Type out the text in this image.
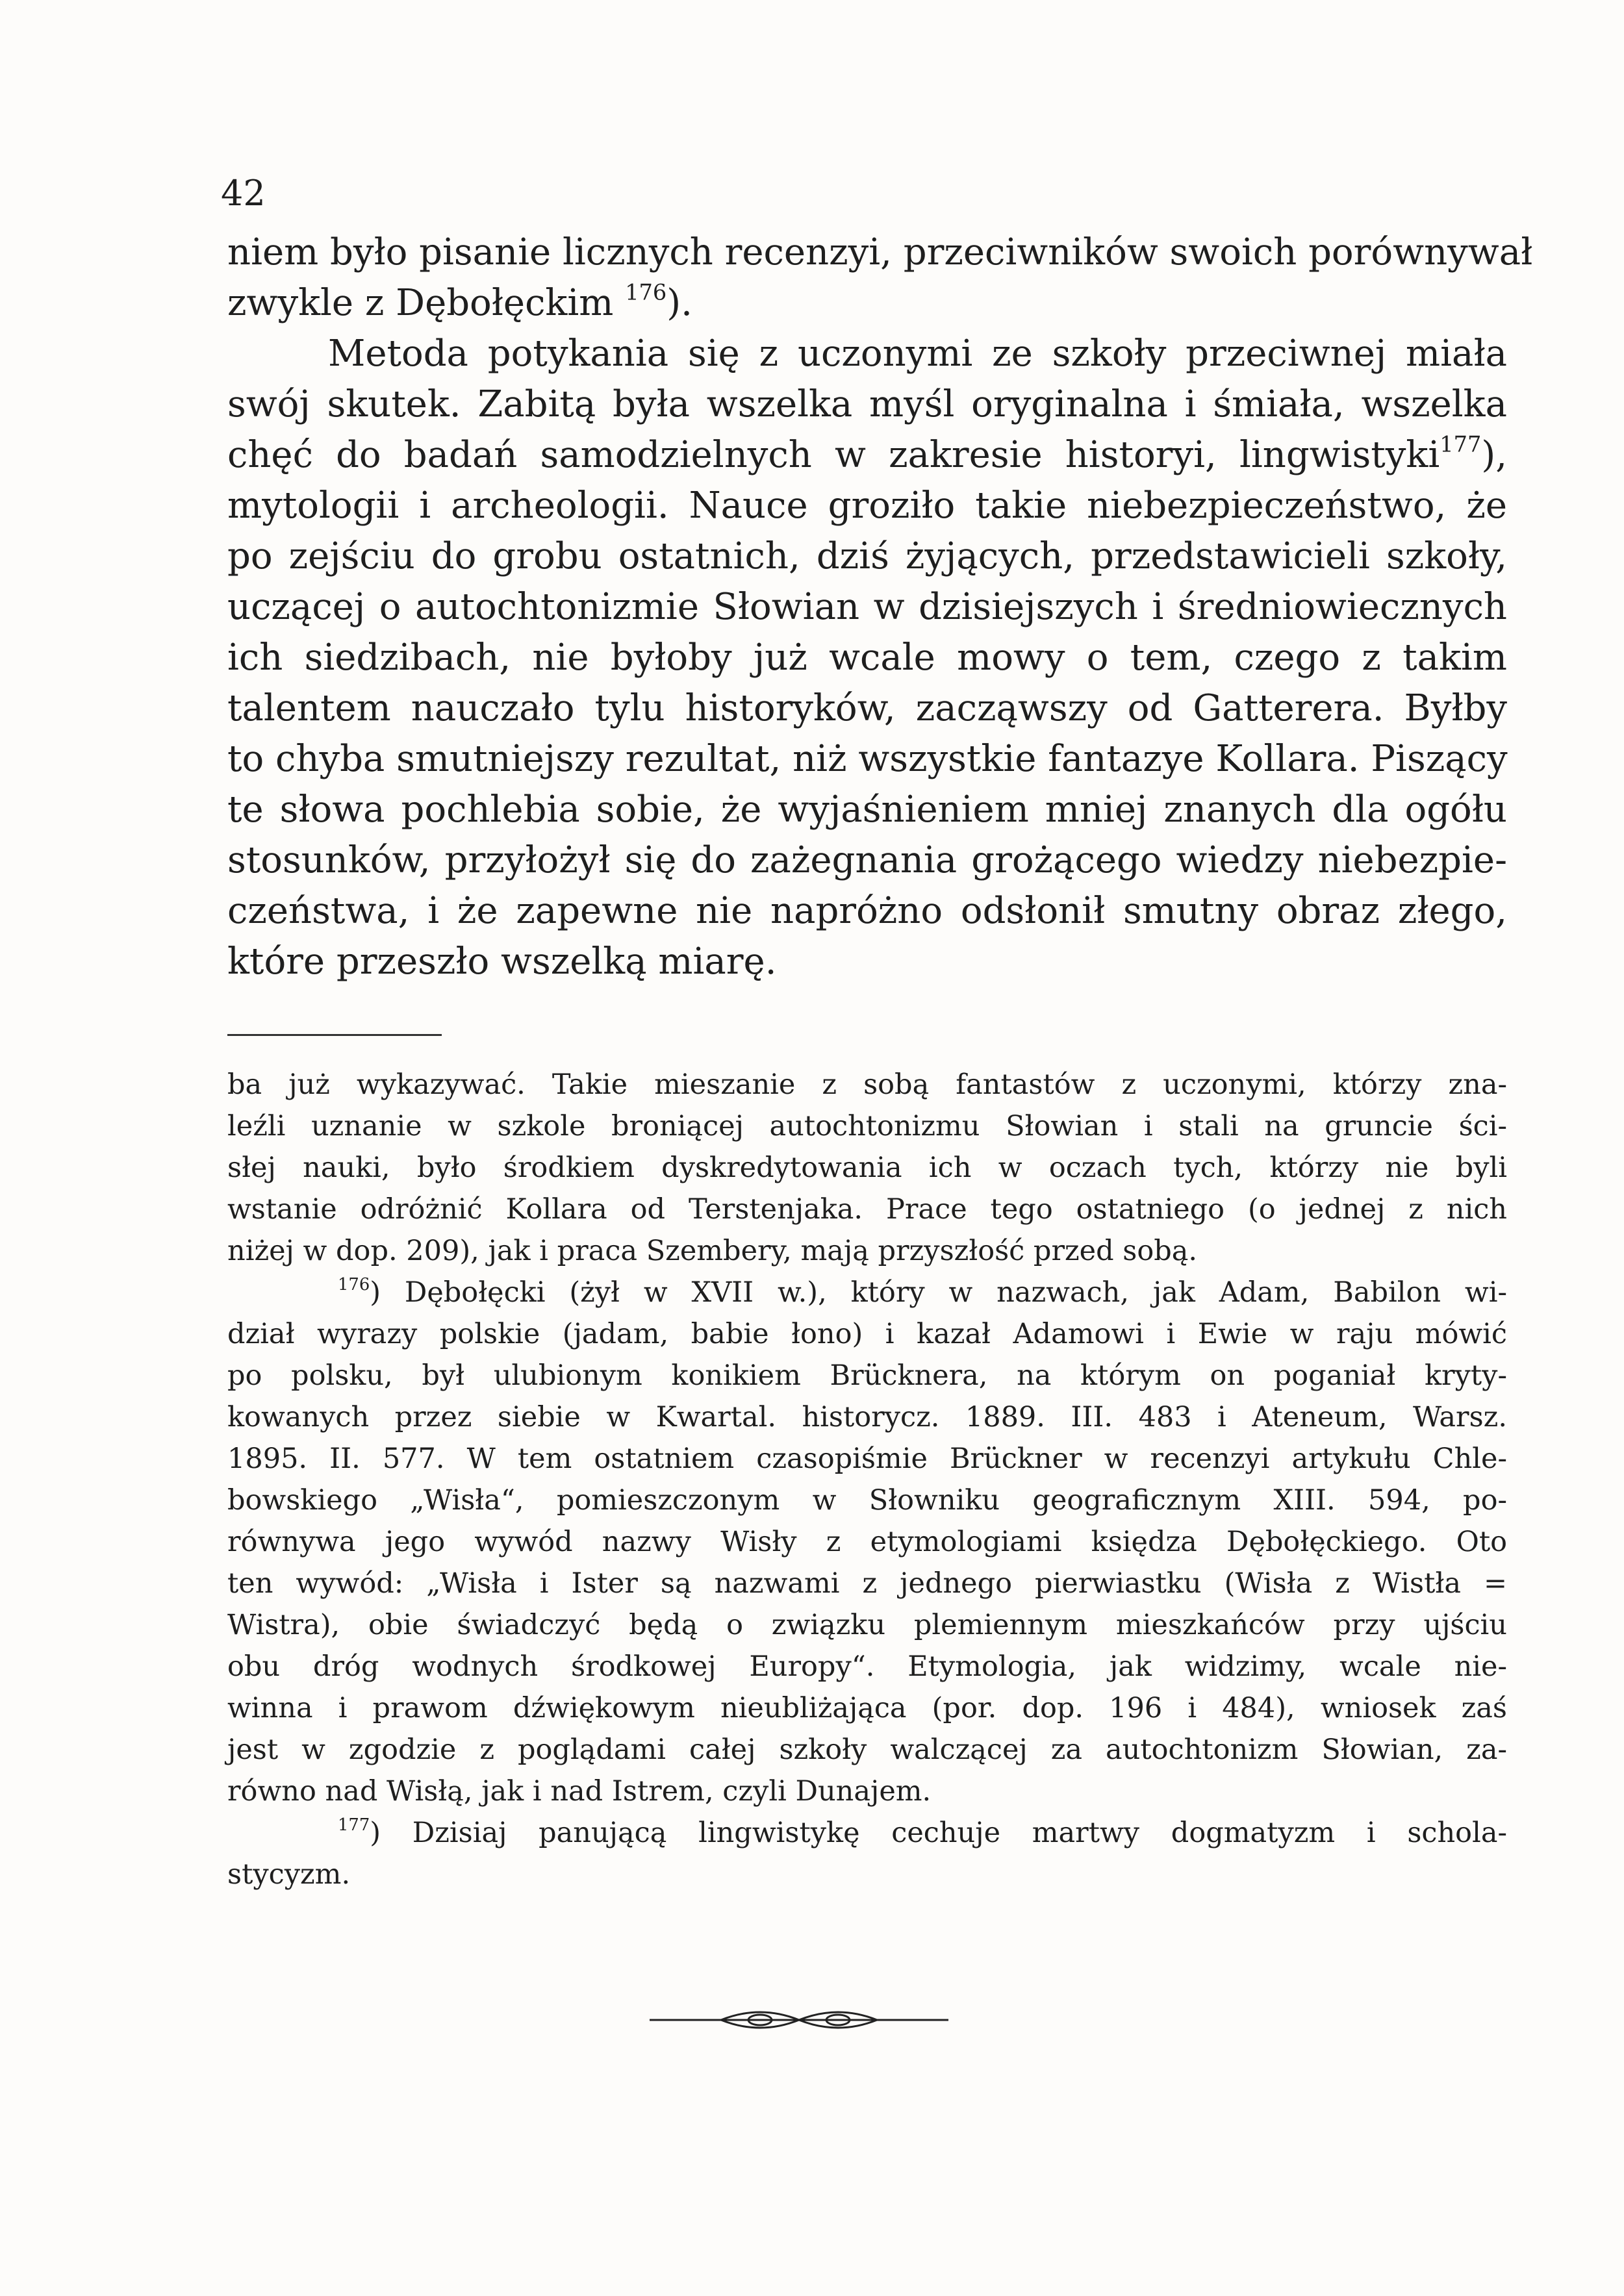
42
niem było pisanie licznych recenzyi, przeciwników swoich porównywał
zwykle z Dębołęckim $^{176}$).
Metoda potykania się z uczonymi ze szkoły przeciwnej miała
swój skutek. Zabitą była wszelka myśl oryginalna i śmiała, wszelka
chęć do badań samodzielnych w zakresie historyi, lingwistyki$^{177}$),
mytologii i archeologii. Nauce groziło takie niebezpieczeństwo, że
po zejściu do grobu ostatnich, dziś żyjących, przedstawicieli szkoły,
uczącej o autochtonizmie Słowian w dzisiejszych i średniowiecznych
ich siedzibach, nie byłoby już wcale mowy o tem, czego z takim
talentem nauczało tylu historyków, zacząwszy od Gatterera. Byłby
to chyba smutniejszy rezultat, niż wszystkie fantazye Kollara. Piszący
te słowa pochlebia sobie, że wyjaśnieniem mniej znanych dla ogółu
stosunków, przyłożył się do zażegnania grożącego wiedzy niebezpie-
czeństwa, i że zapewne nie napróżno odsłonił smutny obraz złego,
które przeszło wszelką miarę.
ba już wykazywać. Takie mieszanie z sobą fantastów z uczonymi, którzy zna-
leźli uznanie w szkole broniącej autochtonizmu Słowian i stali na gruncie ści-
słej nauki, było środkiem dyskredytowania ich w oczach tych, którzy nie byli
wstanie odróżnić Kollara od Terstenjaka. Prace tego ostatniego (o jednej z nich
niżej w dop. 209), jak i praca Szembery, mają przyszłość przed sobą.
$^{176}$) Dębołęcki (żył w XVII w.), który w nazwach, jak Adam, Babilon wi-
dział wyrazy polskie (jadam, babie łono) i kazał Adamowi i Ewie w raju mówić
po polsku, był ulubionym konikiem Brücknera, na którym on poganiał kryty-
kowanych przez siebie w Kwartal. historycz. 1889. III. 483 i Ateneum, Warsz.
1895. II. 577. W tem ostatniem czasopiśmie Brückner w recenzyi artykułu Chle-
bowskiego „Wisła“, pomieszczonym w Słowniku geograficznym XIII. 594, po-
równywa jego wywód nazwy Wisły z etymologiami księdza Dębołęckiego. Oto
ten wywód: „Wisła i Ister są nazwami z jednego pierwiastku (Wisła z Wistła =
Wistra), obie świadczyć będą o związku plemiennym mieszkańców przy ujściu
obu dróg wodnych środkowej Europy“. Etymologia, jak widzimy, wcale nie-
winna i prawom dźwiękowym nieubliżająca (por. dop. 196 i 484), wniosek zaś
jest w zgodzie z poglądami całej szkoły walczącej za autochtonizm Słowian, za-
równo nad Wisłą, jak i nad Istrem, czyli Dunajem.
$^{177}$) Dzisiaj panującą lingwistykę cechuje martwy dogmatyzm i schola-
stycyzm.
